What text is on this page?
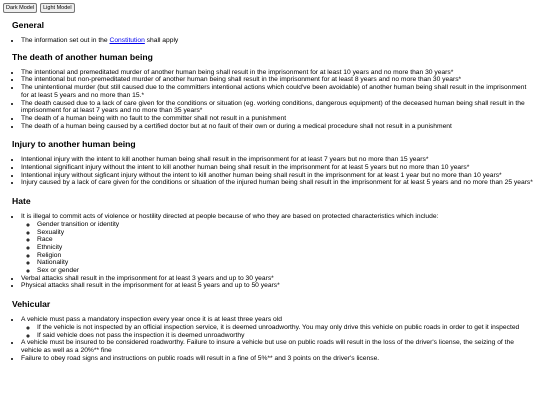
Dark Model	Light Model
General
• The information set out in the Constitution shall apply
The death of another human being
• The intentional and premeditated murder of another human being shall result in the imprisonment for at least 10 years and no more than 30 years*
• The intentional but non-premeditated murder of another human being shall result in the imprisonment for at least 8 years and no more than 30 years*
• The unintentional murder (but still caused due to the committers intentional actions which could've been avoidable) of another human being shall result in the imprisonment for at least 5 years and no more than 15.*
• The death caused due to a lack of care given for the conditions or situation (eg. working conditions, dangerous equipment) of the deceased human being shall result in the imprisonment for at least 7 years and no more than 35 years*
• The death of a human being with no fault to the committer shall not result in a punishment
• The death of a human being caused by a certified doctor but at no fault of their own or during a medical procedure shall not result in a punishment
Injury to another human being
• Intentional injury with the intent to kill another human being shall result in the imprisonment for at least 7 years but no more than 15 years*
• Intentional significant injury without the intent to kill another human being shall result in the imprisonment for at least 5 years but no more than 10 years*
• Intentional injury without sigficant injury without the intent to kill another human being shall result in the imprisonment for at least 1 year but no more than 10 years*
• Injury caused by a lack of care given for the conditions or situation of the injured human being shall result in the imprisonment for at least 5 years and no more than 25 years*
Hate
• It is illegal to commit acts of violence or hostility directed at people because of who they are based on protected characteristics which include:
◦ Gender transition or identity
◦ Sexuality
◦ Race
◦ Ethnicity
◦ Religion
◦ Nationality
◦ Sex or gender
• Verbal attacks shall result in the imprisonment for at least 3 years and up to 30 years*
• Physical attacks shall result in the imprisonment for at least 5 years and up to 50 years*
Vehicular
• A vehicle must pass a mandatory inspection every year once it is at least three years old
◦ If the vehicle is not inspected by an official inspection service, it is deemed unroadworthy. You may only drive this vehicle on public roads in order to get it inspected
◦ If said vehicle does not pass the inspection it is deemed unroadworthy
• A vehicle must be insured to be considered roadworthy. Failure to insure a vehicle but use on public roads will result in the loss of the driver's license, the seizing of the vehicle as well as a 20%** fine
• Failure to obey road signs and instructions on public roads will result in a fine of 5%** and 3 points on the driver's license.
